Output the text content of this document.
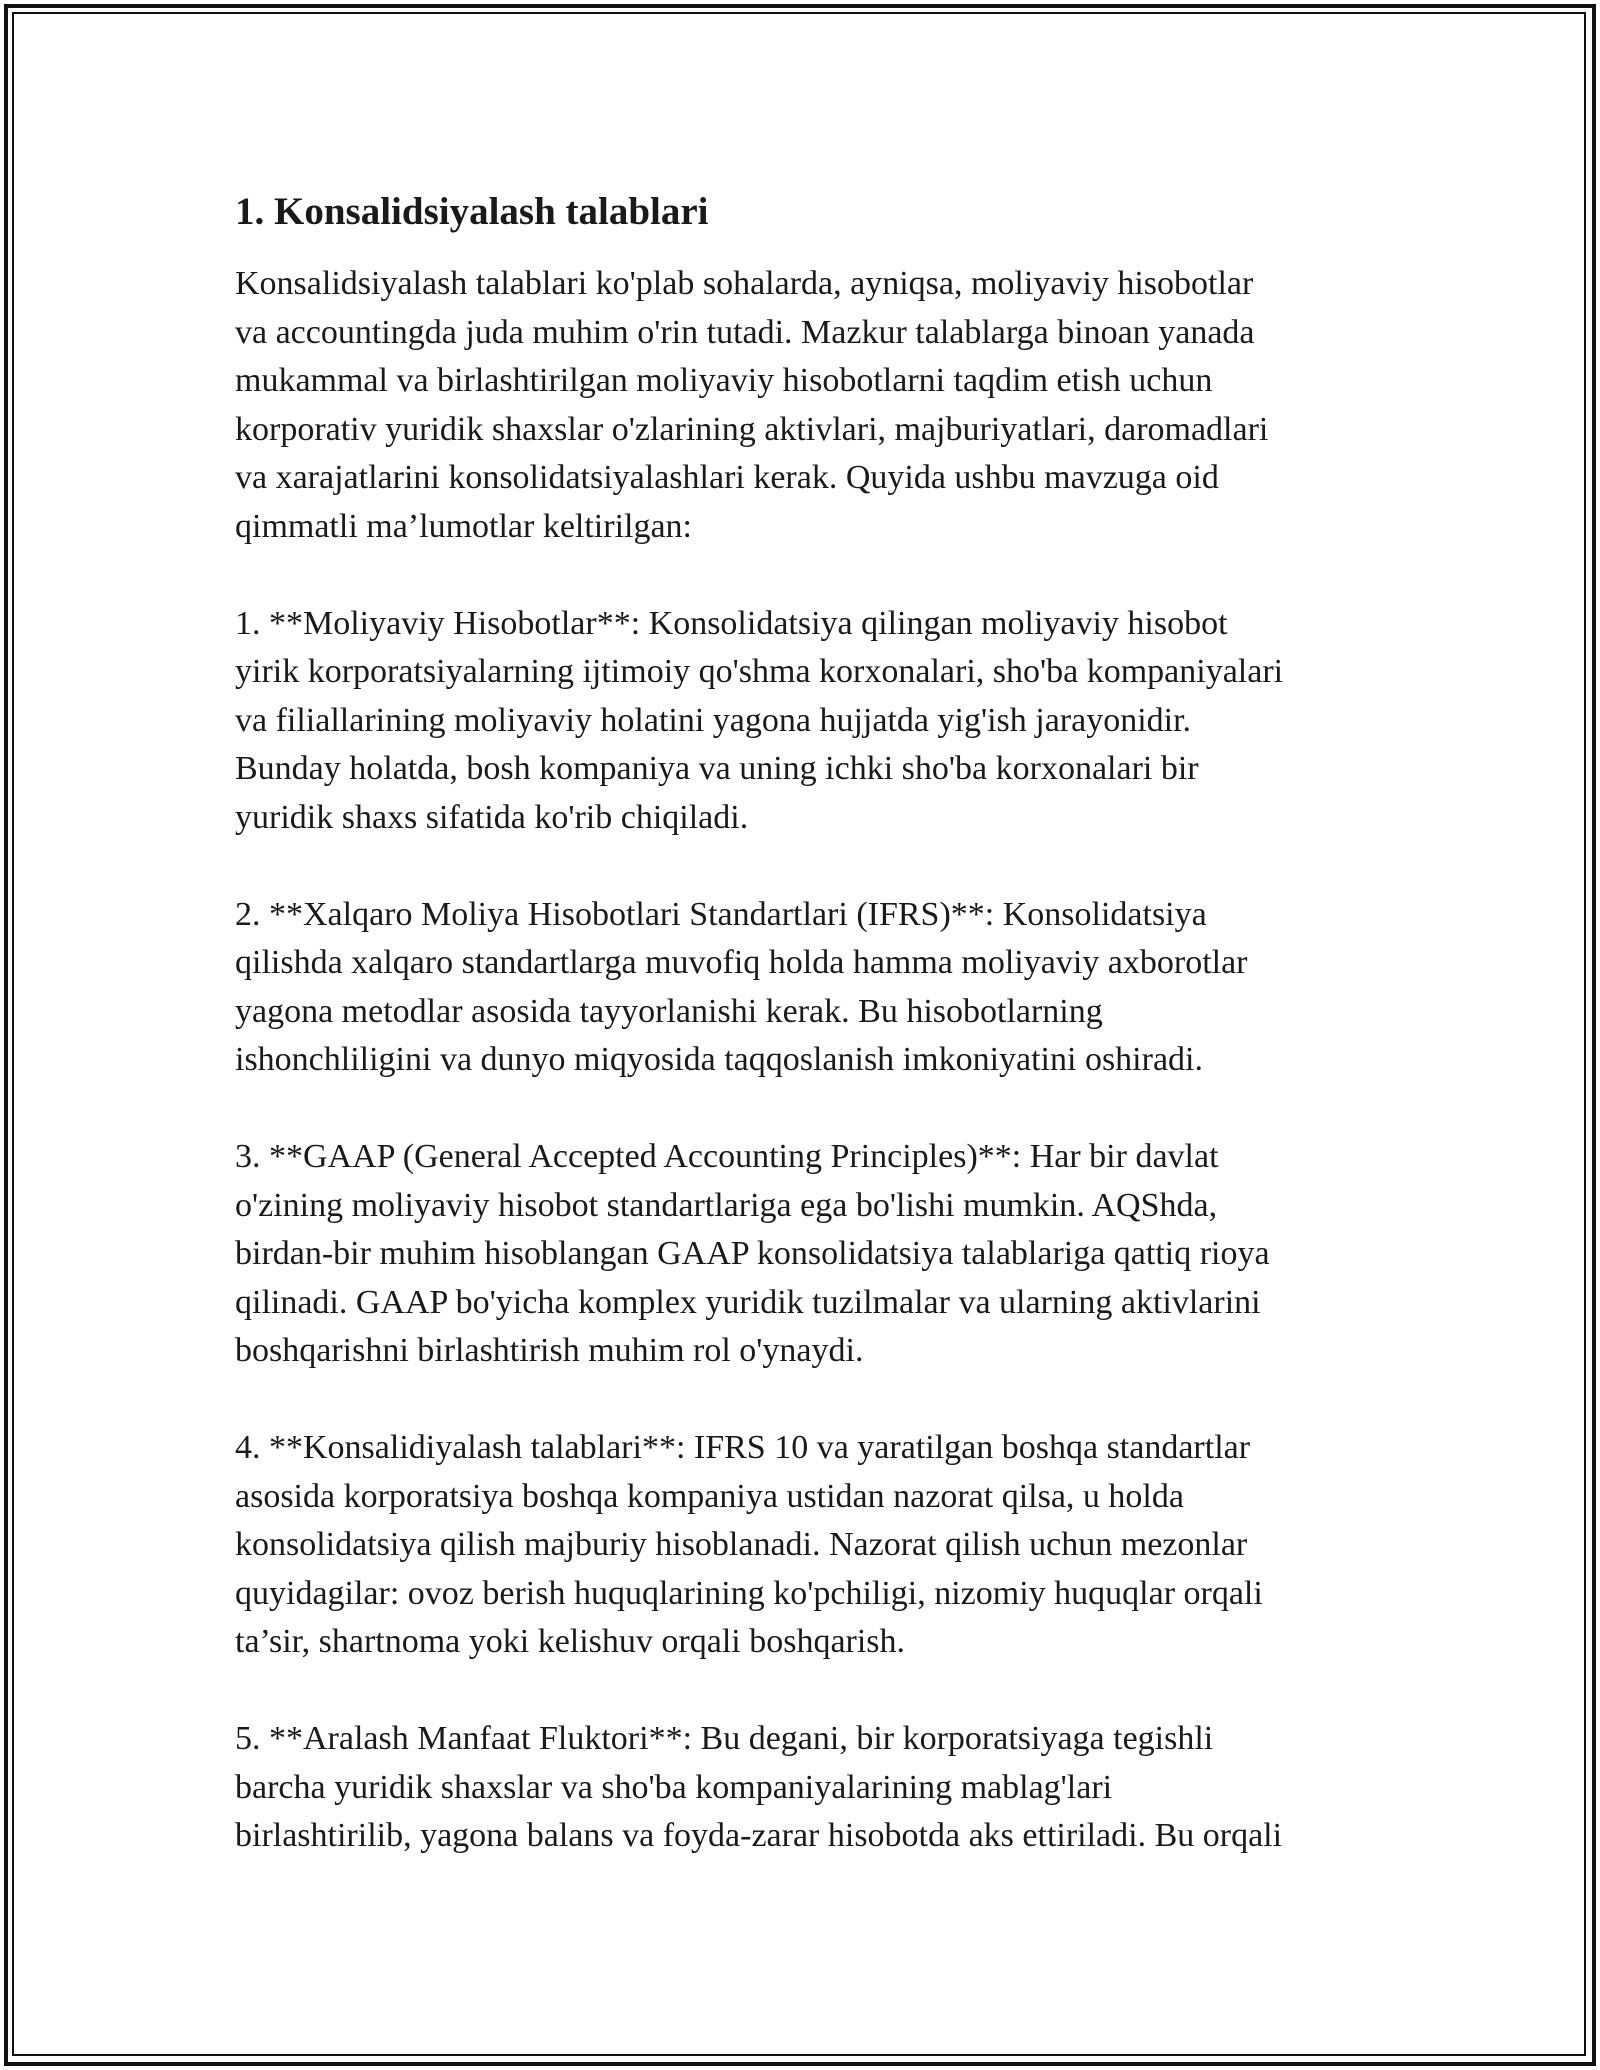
1. Konsalidsiyalash talablari

Konsalidsiyalash talablari ko'plab sohalarda, ayniqsa, moliyaviy hisobotlar
va accountingda juda muhim o'rin tutadi. Mazkur talablarga binoan yanada
mukammal va birlashtirilgan moliyaviy hisobotlarni taqdim etish uchun
korporativ yuridik shaxslar o'zlarining aktivlari, majburiyatlari, daromadlari
va xarajatlarini konsolidatsiyalashlari kerak. Quyida ushbu mavzuga oid
qimmatli ma’lumotlar keltirilgan:

1. **Moliyaviy Hisobotlar**: Konsolidatsiya qilingan moliyaviy hisobot
yirik korporatsiyalarning ijtimoiy qo'shma korxonalari, sho'ba kompaniyalari
va filiallarining moliyaviy holatini yagona hujjatda yig'ish jarayonidir.
Bunday holatda, bosh kompaniya va uning ichki sho'ba korxonalari bir
yuridik shaxs sifatida ko'rib chiqiladi.

2. **Xalqaro Moliya Hisobotlari Standartlari (IFRS)**: Konsolidatsiya
qilishda xalqaro standartlarga muvofiq holda hamma moliyaviy axborotlar
yagona metodlar asosida tayyorlanishi kerak. Bu hisobotlarning
ishonchliligini va dunyo miqyosida taqqoslanish imkoniyatini oshiradi.

3. **GAAP (General Accepted Accounting Principles)**: Har bir davlat
o'zining moliyaviy hisobot standartlariga ega bo'lishi mumkin. AQShda,
birdan-bir muhim hisoblangan GAAP konsolidatsiya talablariga qattiq rioya
qilinadi. GAAP bo'yicha komplex yuridik tuzilmalar va ularning aktivlarini
boshqarishni birlashtirish muhim rol o'ynaydi.

4. **Konsalidiyalash talablari**: IFRS 10 va yaratilgan boshqa standartlar
asosida korporatsiya boshqa kompaniya ustidan nazorat qilsa, u holda
konsolidatsiya qilish majburiy hisoblanadi. Nazorat qilish uchun mezonlar
quyidagilar: ovoz berish huquqlarining ko'pchiligi, nizomiy huquqlar orqali
ta’sir, shartnoma yoki kelishuv orqali boshqarish.

5. **Aralash Manfaat Fluktori**: Bu degani, bir korporatsiyaga tegishli
barcha yuridik shaxslar va sho'ba kompaniyalarining mablag'lari
birlashtirilib, yagona balans va foyda-zarar hisobotda aks ettiriladi. Bu orqali
